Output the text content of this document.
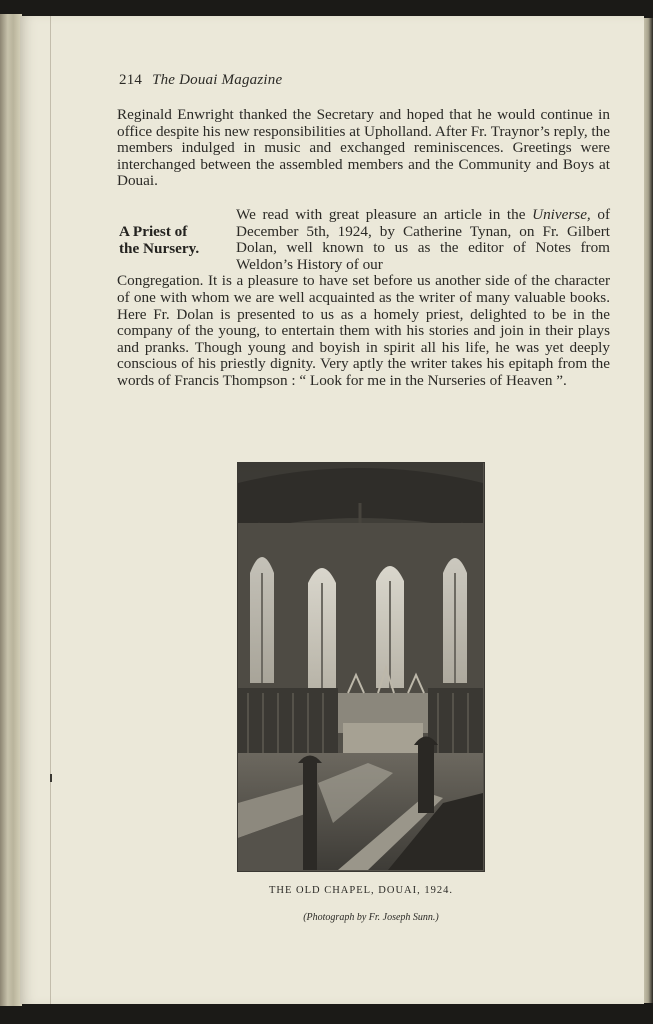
214 The Douai Magazine
Reginald Enwright thanked the Secretary and hoped that he would continue in office despite his new responsibilities at Upholland. After Fr. Traynor’s reply, the members indulged in music and exchanged reminiscences. Greetings were interchanged between the assembled members and the Community and Boys at Douai.
A Priest of
the Nursery.
We read with great pleasure an article in the Universe, of December 5th, 1924, by Catherine Tynan, on Fr. Gilbert Dolan, well known to us as the editor of Notes from Weldon’s History of our
Congregation. It is a pleasure to have set before us another side of the character of one with whom we are well acquainted as the writer of many valuable books. Here Fr. Dolan is presented to us as a homely priest, delighted to be in the company of the young, to entertain them with his stories and join in their plays and pranks. Though young and boyish in spirit all his life, he was yet deeply conscious of his priestly dignity. Very aptly the writer takes his epitaph from the words of Francis Thompson : “ Look for me in the Nurseries of Heaven ”.
THE OLD CHAPEL, DOUAI, 1924.
(Photograph by Fr. Joseph Sunn.)
